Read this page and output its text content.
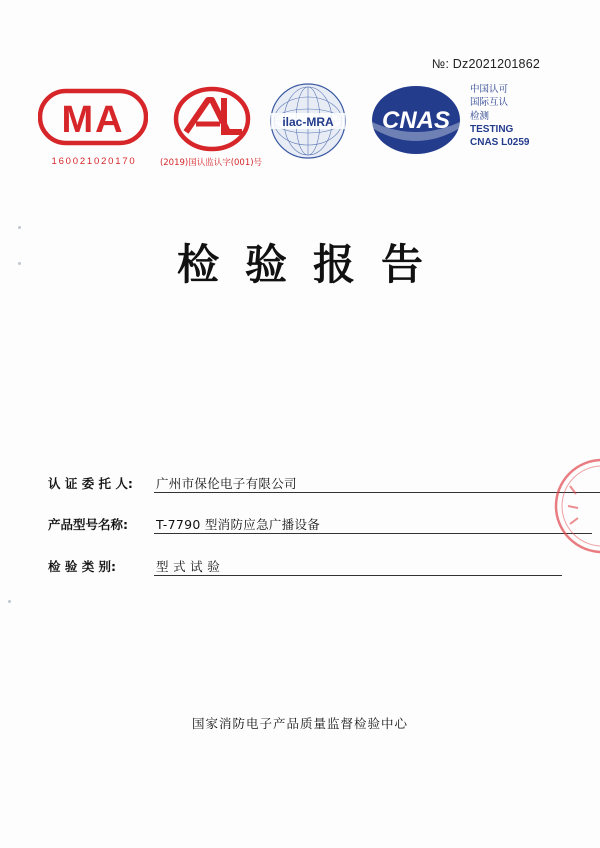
№: Dz2021201862
MA
160021020170	(2019)国认监认字(001)号
ilac-MRA CNAS
中国认可
国际互认
检测
TESTING
CNAS L0259
检验报告
认 证 委 托 人:	广州市保伦电子有限公司
产品型号名称:	T-7790 型消防应急广播设备
检 验 类 别:	型 式 试 验
国家消防电子产品质量监督检验中心
